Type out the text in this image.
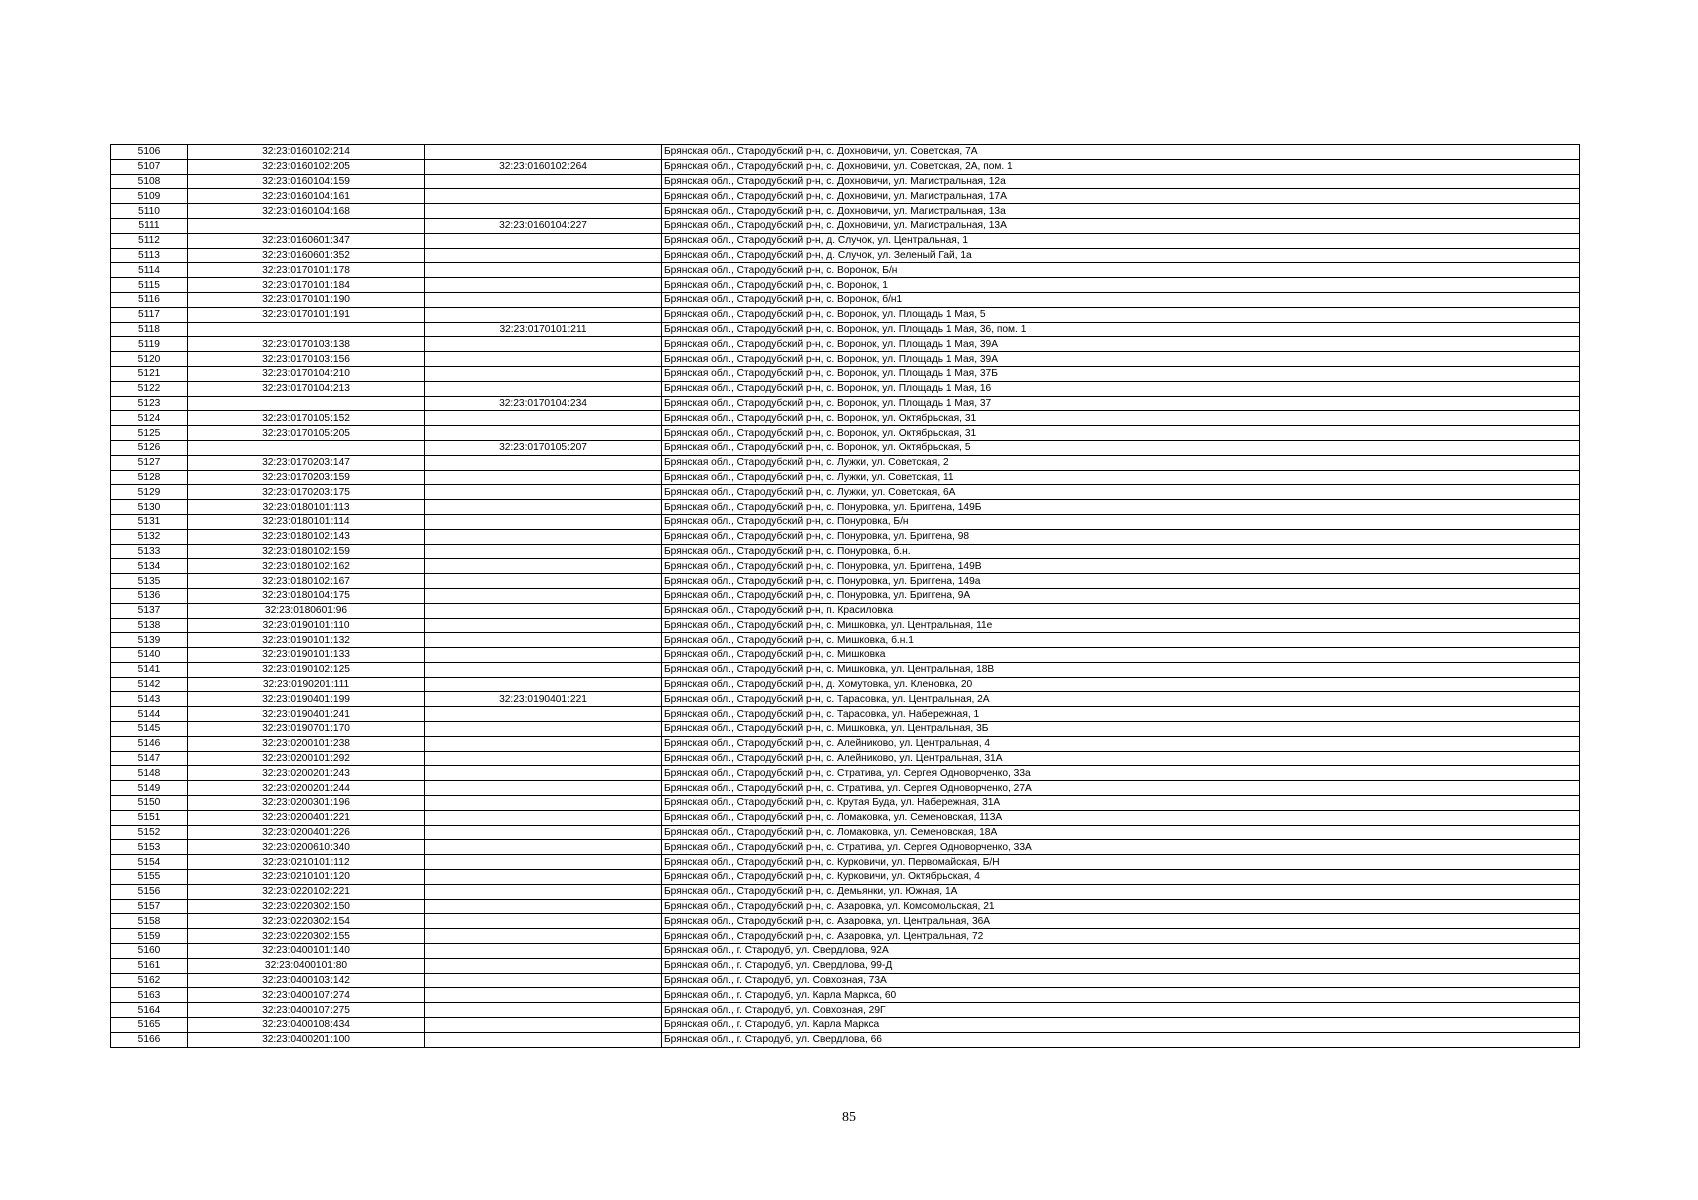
5106	32:23:0160102:214		Брянская обл., Стародубский р-н, с. Дохновичи, ул. Советская, 7А
5107	32:23:0160102:205	32:23:0160102:264	Брянская обл., Стародубский р-н, с. Дохновичи, ул. Советская, 2А, пом. 1
5108	32:23:0160104:159		Брянская обл., Стародубский р-н, с. Дохновичи, ул. Магистральная, 12а
5109	32:23:0160104:161		Брянская обл., Стародубский р-н, с. Дохновичи, ул. Магистральная, 17А
5110	32:23:0160104:168		Брянская обл., Стародубский р-н, с. Дохновичи, ул. Магистральная, 13а
5111		32:23:0160104:227	Брянская обл., Стародубский р-н, с. Дохновичи, ул. Магистральная, 13А
5112	32:23:0160601:347		Брянская обл., Стародубский р-н, д. Случок, ул. Центральная, 1
5113	32:23:0160601:352		Брянская обл., Стародубский р-н, д. Случок, ул. Зеленый Гай, 1а
5114	32:23:0170101:178		Брянская обл., Стародубский р-н, с. Воронок, Б/н
5115	32:23:0170101:184		Брянская обл., Стародубский р-н, с. Воронок, 1
5116	32:23:0170101:190		Брянская обл., Стародубский р-н, с. Воронок, б/н1
5117	32:23:0170101:191		Брянская обл., Стародубский р-н, с. Воронок, ул. Площадь 1 Мая, 5
5118		32:23:0170101:211	Брянская обл., Стародубский р-н, с. Воронок, ул. Площадь 1 Мая, 36, пом. 1
5119	32:23:0170103:138		Брянская обл., Стародубский р-н, с. Воронок, ул. Площадь 1 Мая, 39А
5120	32:23:0170103:156		Брянская обл., Стародубский р-н, с. Воронок, ул. Площадь 1 Мая, 39А
5121	32:23:0170104:210		Брянская обл., Стародубский р-н, с. Воронок, ул. Площадь 1 Мая, 37Б
5122	32:23:0170104:213		Брянская обл., Стародубский р-н, с. Воронок, ул. Площадь 1 Мая, 16
5123		32:23:0170104:234	Брянская обл., Стародубский р-н, с. Воронок, ул. Площадь 1 Мая, 37
5124	32:23:0170105:152		Брянская обл., Стародубский р-н, с. Воронок, ул. Октябрьская, 31
5125	32:23:0170105:205		Брянская обл., Стародубский р-н, с. Воронок, ул. Октябрьская, 31
5126		32:23:0170105:207	Брянская обл., Стародубский р-н, с. Воронок, ул. Октябрьская, 5
5127	32:23:0170203:147		Брянская обл., Стародубский р-н, с. Лужки, ул. Советская, 2
5128	32:23:0170203:159		Брянская обл., Стародубский р-н, с. Лужки, ул. Советская, 11
5129	32:23:0170203:175		Брянская обл., Стародубский р-н, с. Лужки, ул. Советская, 6А
5130	32:23:0180101:113		Брянская обл., Стародубский р-н, с. Понуровка, ул. Бриггена, 149Б
5131	32:23:0180101:114		Брянская обл., Стародубский р-н, с. Понуровка, Б/н
5132	32:23:0180102:143		Брянская обл., Стародубский р-н, с. Понуровка, ул. Бриггена, 98
5133	32:23:0180102:159		Брянская обл., Стародубский р-н, с. Понуровка, б.н.
5134	32:23:0180102:162		Брянская обл., Стародубский р-н, с. Понуровка, ул. Бриггена, 149В
5135	32:23:0180102:167		Брянская обл., Стародубский р-н, с. Понуровка, ул. Бриггена, 149а
5136	32:23:0180104:175		Брянская обл., Стародубский р-н, с. Понуровка, ул. Бриггена, 9А
5137	32:23:0180601:96		Брянская обл., Стародубский р-н, п. Красиловка
5138	32:23:0190101:110		Брянская обл., Стародубский р-н, с. Мишковка, ул. Центральная, 11е
5139	32:23:0190101:132		Брянская обл., Стародубский р-н, с. Мишковка, б.н.1
5140	32:23:0190101:133		Брянская обл., Стародубский р-н, с. Мишковка
5141	32:23:0190102:125		Брянская обл., Стародубский р-н, с. Мишковка, ул. Центральная, 18В
5142	32:23:0190201:111		Брянская обл., Стародубский р-н, д. Хомутовка, ул. Кленовка, 20
5143	32:23:0190401:199	32:23:0190401:221	Брянская обл., Стародубский р-н, с. Тарасовка, ул. Центральная, 2А
5144	32:23:0190401:241		Брянская обл., Стародубский р-н, с. Тарасовка, ул. Набережная, 1
5145	32:23:0190701:170		Брянская обл., Стародубский р-н, с. Мишковка, ул. Центральная, 3Б
5146	32:23:0200101:238		Брянская обл., Стародубский р-н, с. Алейниково, ул. Центральная, 4
5147	32:23:0200101:292		Брянская обл., Стародубский р-н, с. Алейниково, ул. Центральная, 31А
5148	32:23:0200201:243		Брянская обл., Стародубский р-н, с. Стратива, ул. Сергея Одноворченко, 33а
5149	32:23:0200201:244		Брянская обл., Стародубский р-н, с. Стратива, ул. Сергея Одноворченко, 27А
5150	32:23:0200301:196		Брянская обл., Стародубский р-н, с. Крутая Буда, ул. Набережная, 31А
5151	32:23:0200401:221		Брянская обл., Стародубский р-н, с. Ломаковка, ул. Семеновская, 113А
5152	32:23:0200401:226		Брянская обл., Стародубский р-н, с. Ломаковка, ул. Семеновская, 18А
5153	32:23:0200610:340		Брянская обл., Стародубский р-н, с. Стратива, ул. Сергея Одноворченко, 33А
5154	32:23:0210101:112		Брянская обл., Стародубский р-н, с. Курковичи, ул. Первомайская, Б/Н
5155	32:23:0210101:120		Брянская обл., Стародубский р-н, с. Курковичи, ул. Октябрьская, 4
5156	32:23:0220102:221		Брянская обл., Стародубский р-н, с. Демьянки, ул. Южная, 1А
5157	32:23:0220302:150		Брянская обл., Стародубский р-н, с. Азаровка, ул. Комсомольская, 21
5158	32:23:0220302:154		Брянская обл., Стародубский р-н, с. Азаровка, ул. Центральная, 36А
5159	32:23:0220302:155		Брянская обл., Стародубский р-н, с. Азаровка, ул. Центральная, 72
5160	32:23:0400101:140		Брянская обл., г. Стародуб, ул. Свердлова, 92А
5161	32:23:0400101:80		Брянская обл., г. Стародуб, ул. Свердлова, 99-Д
5162	32:23:0400103:142		Брянская обл., г. Стародуб, ул. Совхозная, 73А
5163	32:23:0400107:274		Брянская обл., г. Стародуб, ул. Карла Маркса, 60
5164	32:23:0400107:275		Брянская обл., г. Стародуб, ул. Совхозная, 29Г
5165	32:23:0400108:434		Брянская обл., г. Стародуб, ул. Карла Маркса
5166	32:23:0400201:100		Брянская обл., г. Стародуб, ул. Свердлова, 66
85
